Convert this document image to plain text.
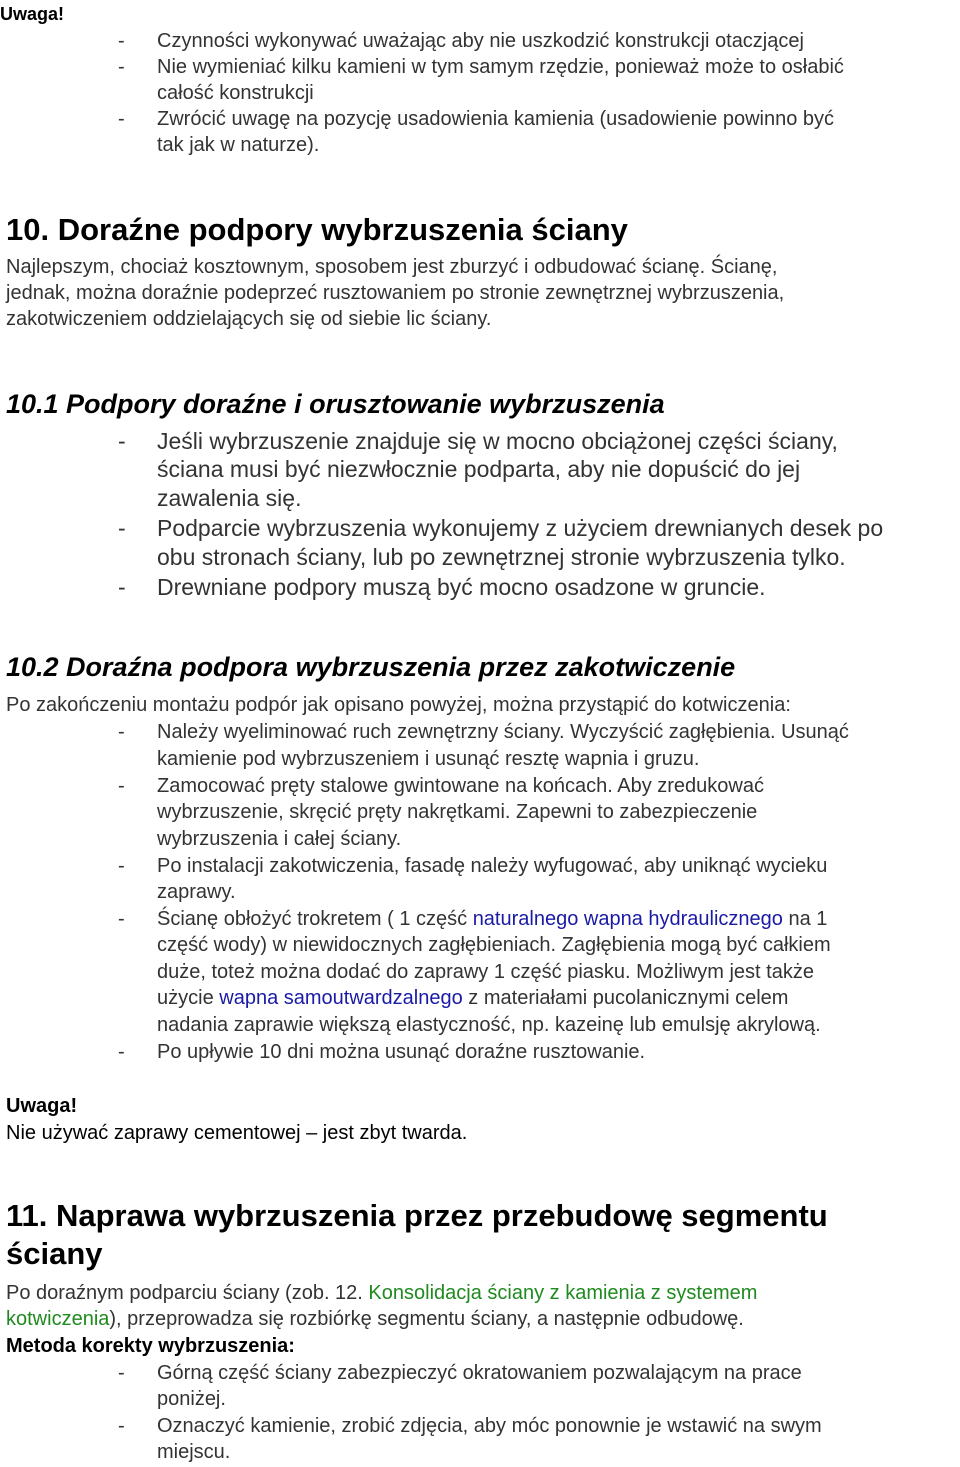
Uwaga!
- Czynności wykonywać uważając aby nie uszkodzić konstrukcji otaczjącej
- Nie wymieniać kilku kamieni w tym samym rzędzie, ponieważ może to osłabić
całość konstrukcji
- Zwrócić uwagę na pozycję usadowienia kamienia (usadowienie powinno być
tak jak w naturze).
10. Doraźne podpory wybrzuszenia ściany
Najlepszym, chociaż kosztownym, sposobem jest zburzyć i odbudować ścianę. Ścianę,
jednak, można doraźnie podeprzeć rusztowaniem po stronie zewnętrznej wybrzuszenia,
zakotwiczeniem oddzielających się od siebie lic ściany.
10.1 Podpory doraźne i orusztowanie wybrzuszenia
- Jeśli wybrzuszenie znajduje się w mocno obciążonej części ściany,
ściana musi być niezwłocznie podparta, aby nie dopuścić do jej
zawalenia się.
- Podparcie wybrzuszenia wykonujemy z użyciem drewnianych desek po
obu stronach ściany, lub po zewnętrznej stronie wybrzuszenia tylko.
- Drewniane podpory muszą być mocno osadzone w gruncie.
10.2 Doraźna podpora wybrzuszenia przez zakotwiczenie
Po zakończeniu montażu podpór jak opisano powyżej, można przystąpić do kotwiczenia:
- Należy wyeliminować ruch zewnętrzny ściany. Wyczyścić zagłębienia. Usunąć
kamienie pod wybrzuszeniem i usunąć resztę wapnia i gruzu.
- Zamocować pręty stalowe gwintowane na końcach. Aby zredukować
wybrzuszenie, skręcić pręty nakrętkami. Zapewni to zabezpieczenie
wybrzuszenia i całej ściany.
- Po instalacji zakotwiczenia, fasadę należy wyfugować, aby uniknąć wycieku
zaprawy.
- Ścianę obłożyć trokretem ( 1 część naturalnego wapna hydraulicznego na 1
część wody) w niewidocznych zagłębieniach. Zagłębienia mogą być całkiem
duże, toteż można dodać do zaprawy 1 część piasku. Możliwym jest także
użycie wapna samoutwardzalnego z materiałami pucolanicznymi celem
nadania zaprawie większą elastyczność, np. kazeinę lub emulsję akrylową.
- Po upływie 10 dni można usunąć doraźne rusztowanie.
Uwaga!
Nie używać zaprawy cementowej – jest zbyt twarda.
11. Naprawa wybrzuszenia przez przebudowę segmentu
ściany
Po doraźnym podparciu ściany (zob. 12. Konsolidacja ściany z kamienia z systemem
kotwiczenia), przeprowadza się rozbiórkę segmentu ściany, a następnie odbudowę.
Metoda korekty wybrzuszenia:
- Górną część ściany zabezpieczyć okratowaniem pozwalającym na prace
poniżej.
- Oznaczyć kamienie, zrobić zdjęcia, aby móc ponownie je wstawić na swym
miejscu.
